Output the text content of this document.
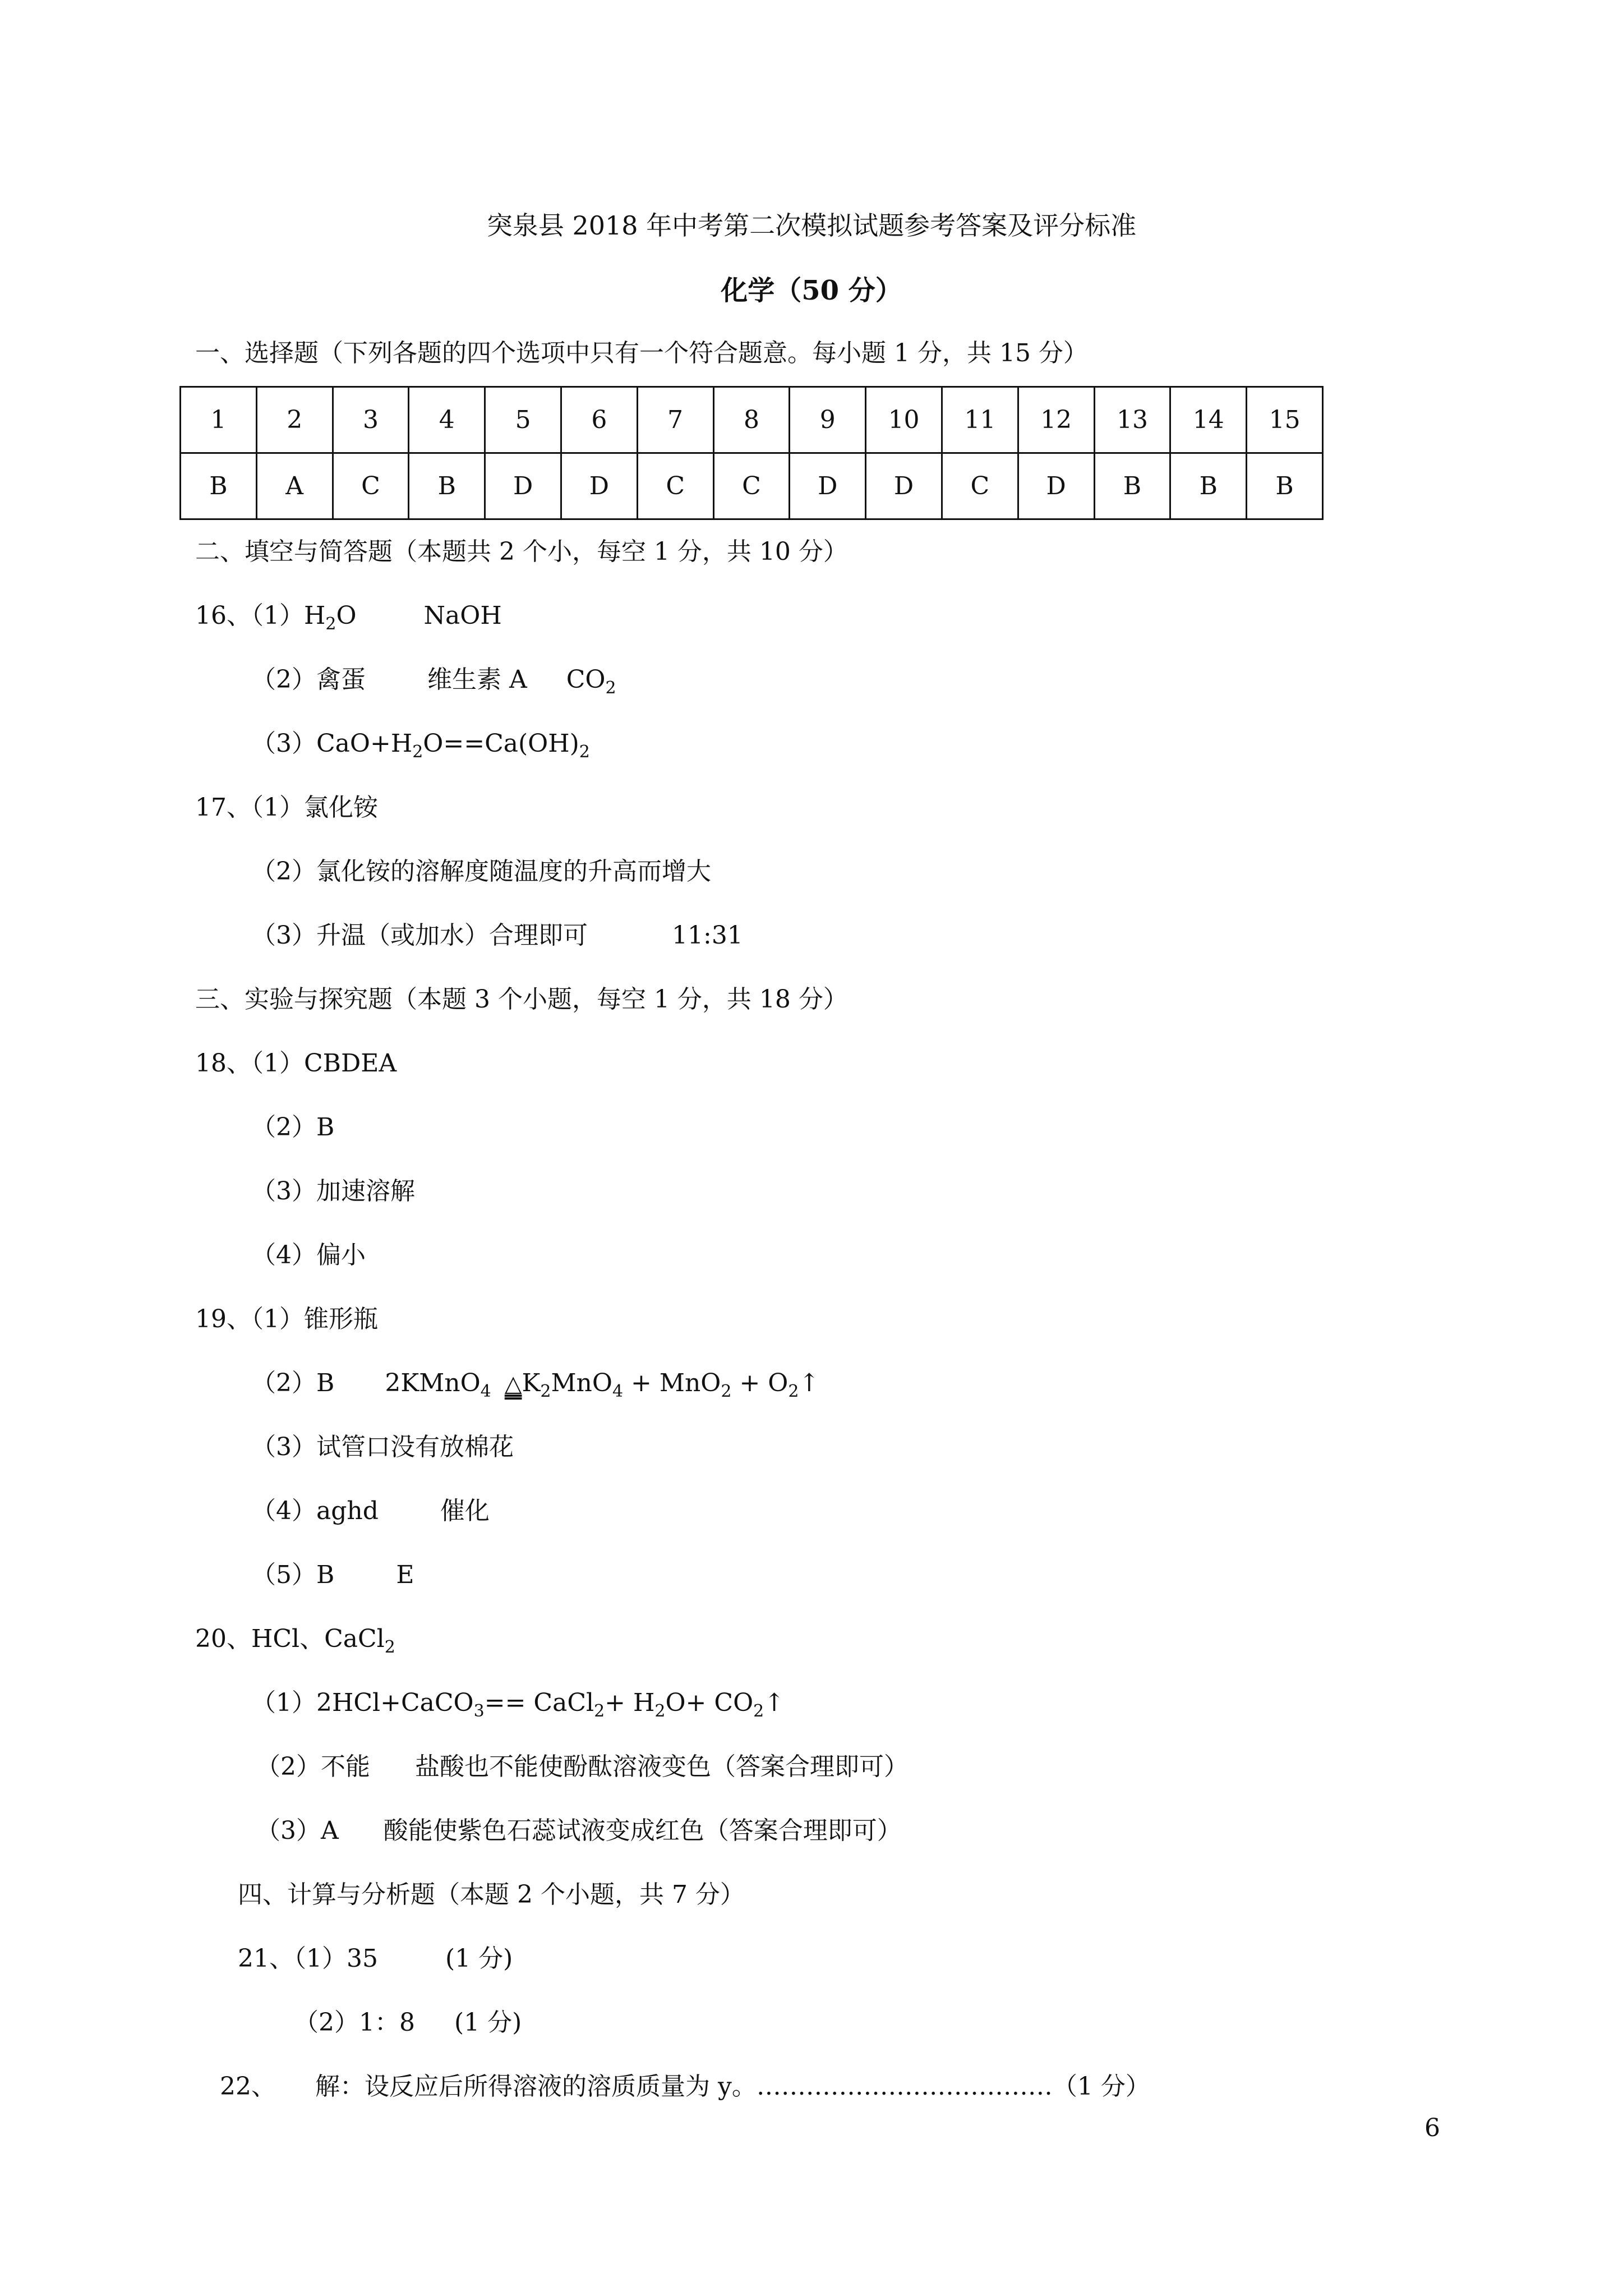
突泉县 2018 年中考第二次模拟试题参考答案及评分标准
化学（50 分）
一、选择题（下列各题的四个选项中只有一个符合题意。每小题 1 分，共 15 分）
1	2	3	4	5	6	7	8	9	10	11	12	13	14	15
B	A	C	B	D	D	C	C	D	D	C	D	B	B	B
二、填空与简答题（本题共 2 个小，每空 1 分，共 10 分）
16、$(1)H_2O$	NaOH
（2）禽蛋	维生素 A $CO_2$
$(3)CaO+H_2O==Ca(OH)_2$
17、（1）氯化铵
（2）氯化铵的溶解度随温度的升高而增大
（3）升温（或加水）合理即可	11:31
三、实验与探究题（本题 3 个小题，每空 1 分，共 18 分）
18、（1）CBDEA
（2）B
（3）加速溶解
（4）偏小
19、（1）锥形瓶
（2）B 2KMnO$_4$ $\triangle K_2MnO_4 + MnO_2$ + $O_2↑$
（3）试管口没有放棉花
（4）aghd	催化
（5）B	E
20、HCl、CaCl$_2$
（1）2HCl+CaCO$_3$== CaCl$_2$+ $H_2O+$ $CO_2↑$
（2）不能 盐酸也不能使酚酞溶液变色（答案合理即可）
（3）A 酸能使紫色石蕊试液变成红色（答案合理即可）
四、计算与分析题（本题 2 个小题，共 7 分）
21、（1）35	(1 分)
（2）1：8 (1 分)
22、 解：设反应后所得溶液的溶质质量为 y。………………………………（1 分）
6
